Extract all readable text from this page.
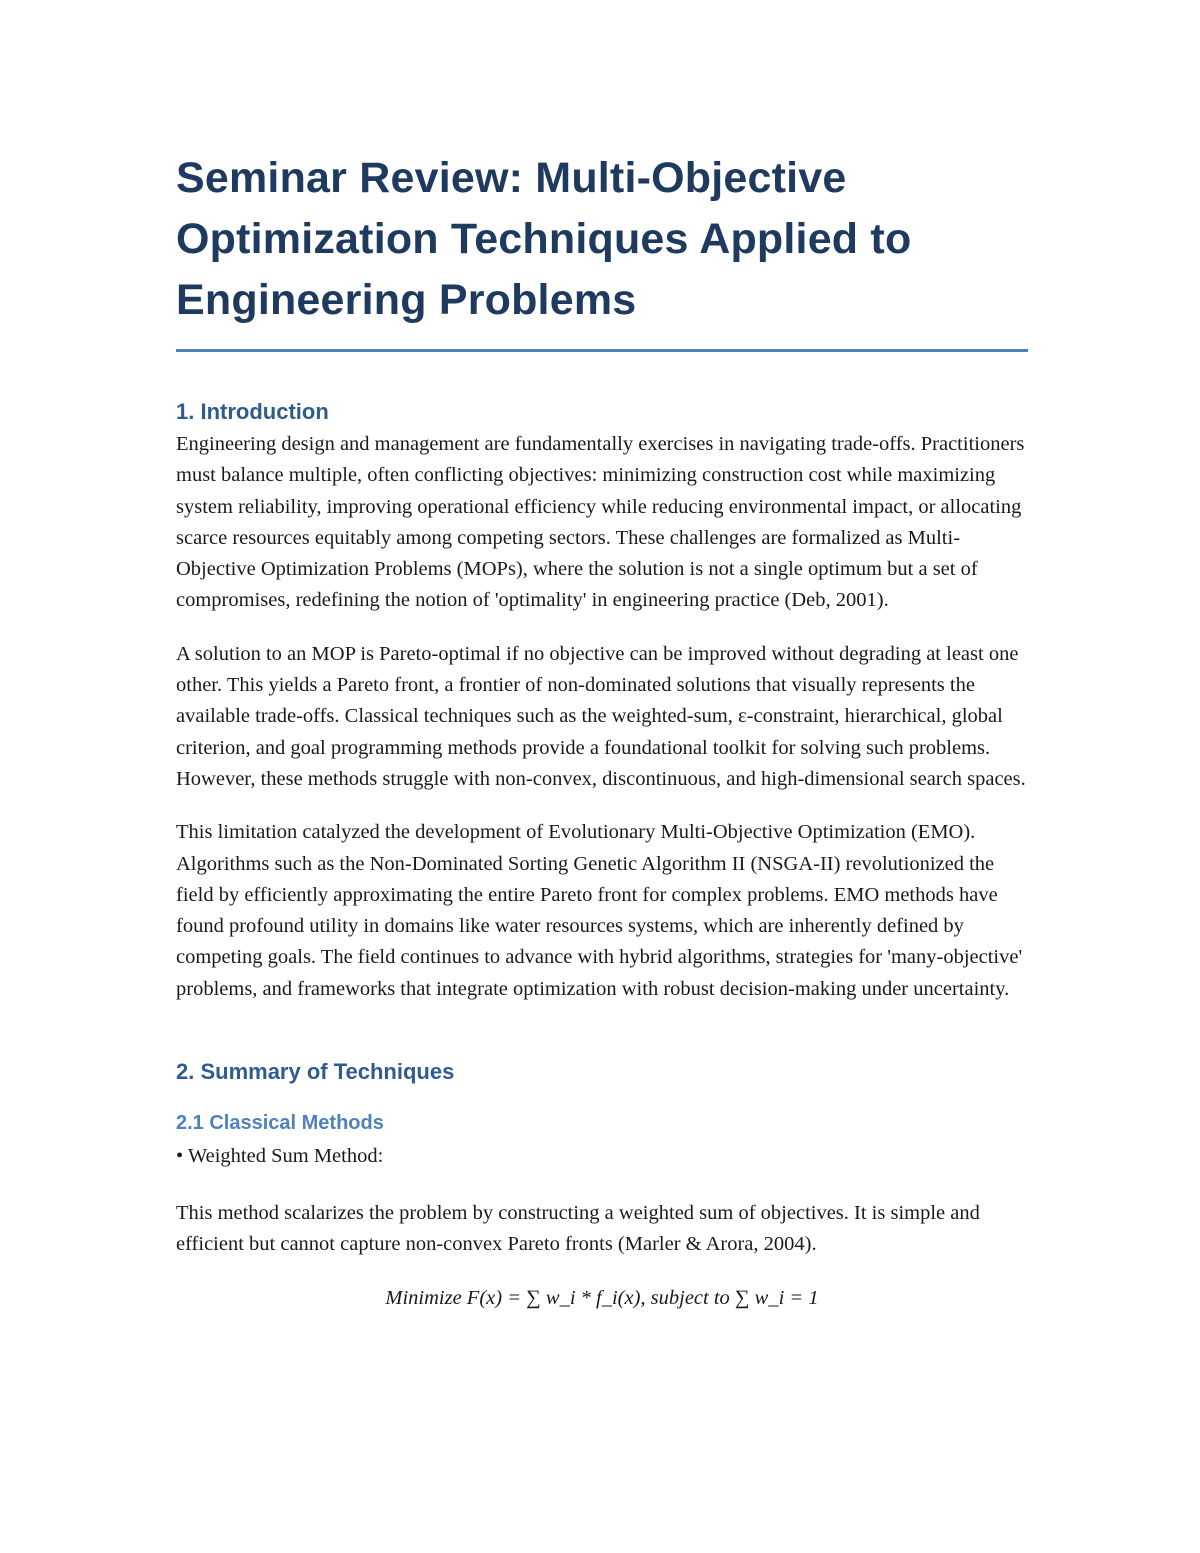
Seminar Review: Multi-Objective Optimization Techniques Applied to Engineering Problems
1. Introduction

Engineering design and management are fundamentally exercises in navigating trade-offs. Practitioners must balance multiple, often conflicting objectives: minimizing construction cost while maximizing system reliability, improving operational efficiency while reducing environmental impact, or allocating scarce resources equitably among competing sectors. These challenges are formalized as Multi-Objective Optimization Problems (MOPs), where the solution is not a single optimum but a set of compromises, redefining the notion of 'optimality' in engineering practice (Deb, 2001).

A solution to an MOP is Pareto-optimal if no objective can be improved without degrading at least one other. This yields a Pareto front, a frontier of non-dominated solutions that visually represents the available trade-offs. Classical techniques such as the weighted-sum, ε-constraint, hierarchical, global criterion, and goal programming methods provide a foundational toolkit for solving such problems. However, these methods struggle with non-convex, discontinuous, and high-dimensional search spaces.

This limitation catalyzed the development of Evolutionary Multi-Objective Optimization (EMO). Algorithms such as the Non-Dominated Sorting Genetic Algorithm II (NSGA-II) revolutionized the field by efficiently approximating the entire Pareto front for complex problems. EMO methods have found profound utility in domains like water resources systems, which are inherently defined by competing goals. The field continues to advance with hybrid algorithms, strategies for 'many-objective' problems, and frameworks that integrate optimization with robust decision-making under uncertainty.

2. Summary of Techniques
2.1 Classical Methods

• Weighted Sum Method:

This method scalarizes the problem by constructing a weighted sum of objectives. It is simple and efficient but cannot capture non-convex Pareto fronts (Marler & Arora, 2004).

Minimize F(x) = ∑ w_i * f_i(x), subject to ∑ w_i = 1
